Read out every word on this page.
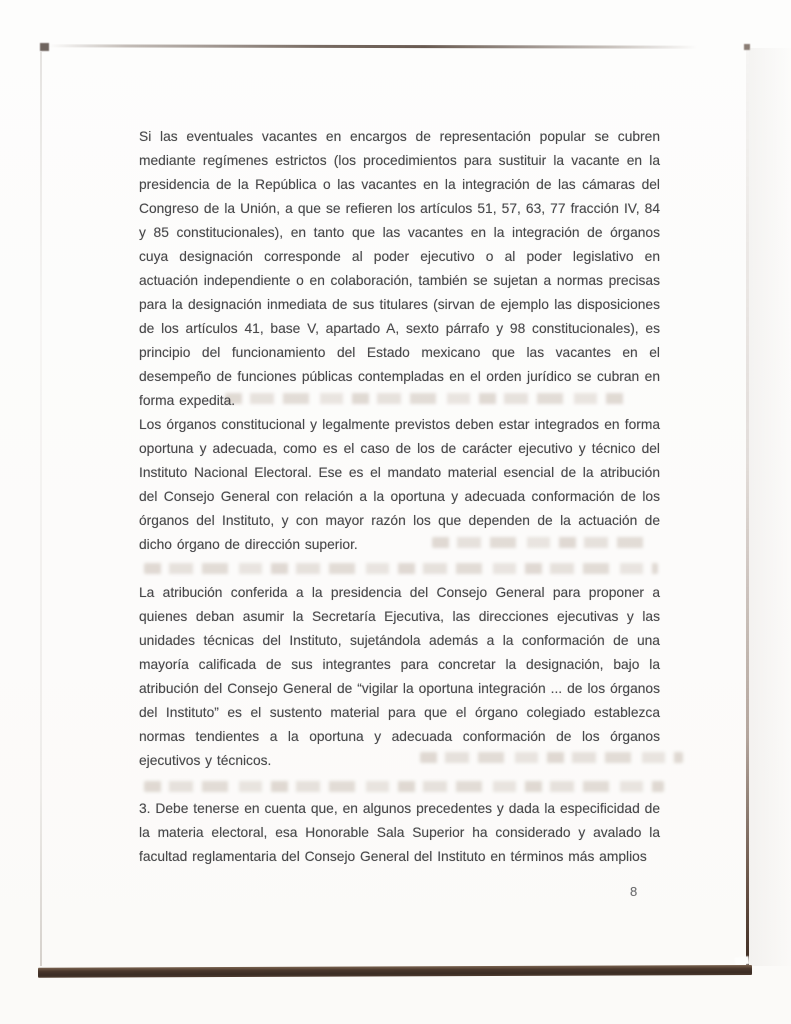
Si las eventuales vacantes en encargos de representación popular se cubren mediante regímenes estrictos (los procedimientos para sustituir la vacante en la presidencia de la República o las vacantes en la integración de las cámaras del Congreso de la Unión, a que se refieren los artículos 51, 57, 63, 77 fracción IV, 84 y 85 constitucionales), en tanto que las vacantes en la integración de órganos cuya designación corresponde al poder ejecutivo o al poder legislativo en actuación independiente o en colaboración, también se sujetan a normas precisas para la designación inmediata de sus titulares (sirvan de ejemplo las disposiciones de los artículos 41, base V, apartado A, sexto párrafo y 98 constitucionales), es principio del funcionamiento del Estado mexicano que las vacantes en el desempeño de funciones públicas contempladas en el orden jurídico se cubran en forma expedita.

Los órganos constitucional y legalmente previstos deben estar integrados en forma oportuna y adecuada, como es el caso de los de carácter ejecutivo y técnico del Instituto Nacional Electoral. Ese es el mandato material esencial de la atribución del Consejo General con relación a la oportuna y adecuada conformación de los órganos del Instituto, y con mayor razón los que dependen de la actuación de dicho órgano de dirección superior.

La atribución conferida a la presidencia del Consejo General para proponer a quienes deban asumir la Secretaría Ejecutiva, las direcciones ejecutivas y las unidades técnicas del Instituto, sujetándola además a la conformación de una mayoría calificada de sus integrantes para concretar la designación, bajo la atribución del Consejo General de “vigilar la oportuna integración ... de los órganos del Instituto” es el sustento material para que el órgano colegiado establezca normas tendientes a la oportuna y adecuada conformación de los órganos ejecutivos y técnicos.

3. Debe tenerse en cuenta que, en algunos precedentes y dada la especificidad de la materia electoral, esa Honorable Sala Superior ha considerado y avalado la facultad reglamentaria del Consejo General del Instituto en términos más amplios

8
